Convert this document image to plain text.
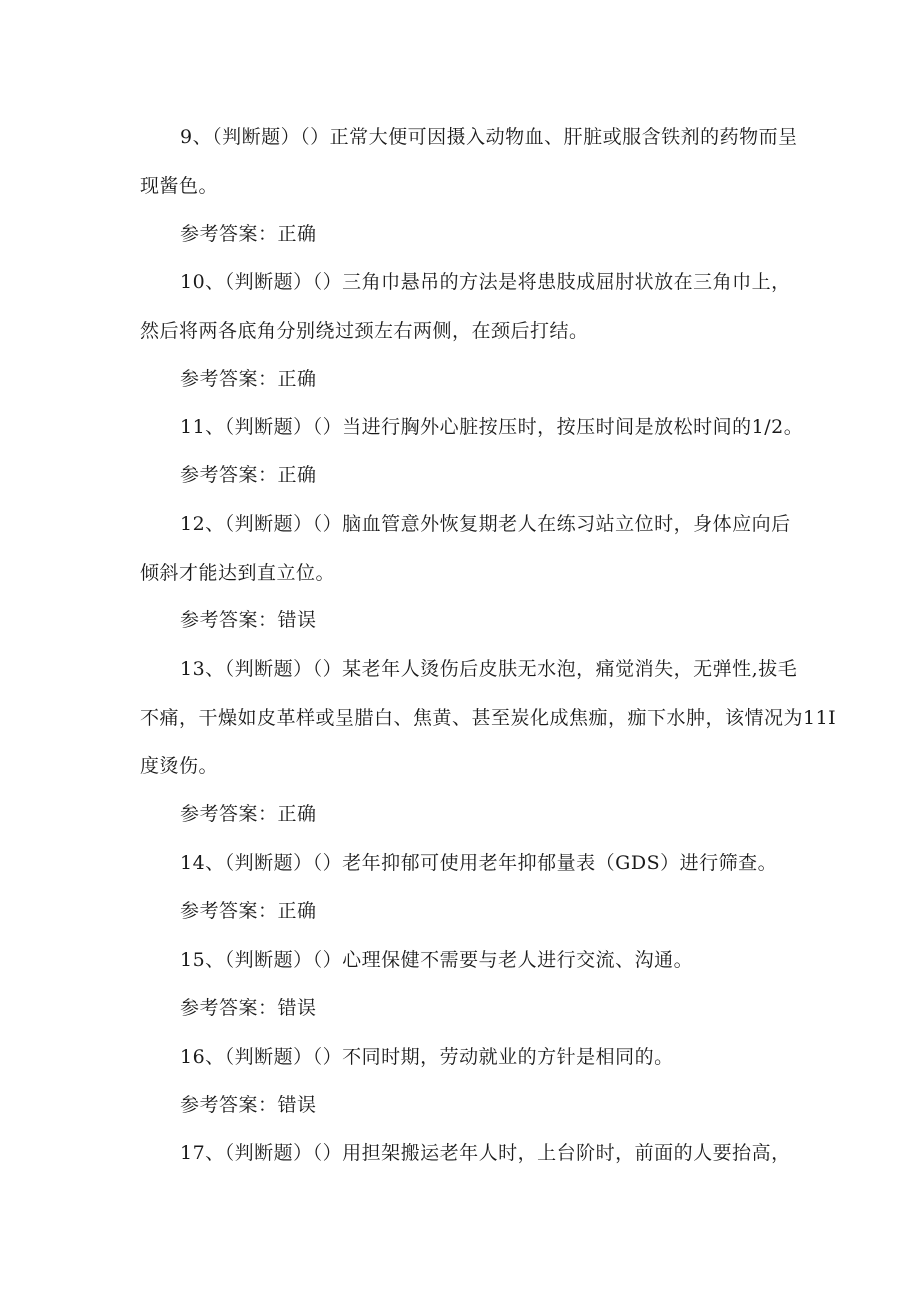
9、（判断题）（）正常大便可因摄入动物血、肝脏或服含铁剂的药物而呈
现酱色。
参考答案：正确
10、（判断题）（）三角巾悬吊的方法是将患肢成屈肘状放在三角巾上，
然后将两各底角分别绕过颈左右两侧，在颈后打结。
参考答案：正确
11、（判断题）（）当进行胸外心脏按压时，按压时间是放松时间的1/2。
参考答案：正确
12、（判断题）（）脑血管意外恢复期老人在练习站立位时，身体应向后
倾斜才能达到直立位。
参考答案：错误
13、（判断题）（）某老年人烫伤后皮肤无水泡，痛觉消失，无弹性,拔毛
不痛，干燥如皮革样或呈腊白、焦黄、甚至炭化成焦痂，痂下水肿，该情况为11I
度烫伤。
参考答案：正确
14、（判断题）（）老年抑郁可使用老年抑郁量表（GDS）进行筛查。
参考答案：正确
15、（判断题）（）心理保健不需要与老人进行交流、沟通。
参考答案：错误
16、（判断题）（）不同时期，劳动就业的方针是相同的。
参考答案：错误
17、（判断题）（）用担架搬运老年人时，上台阶时，前面的人要抬高，
